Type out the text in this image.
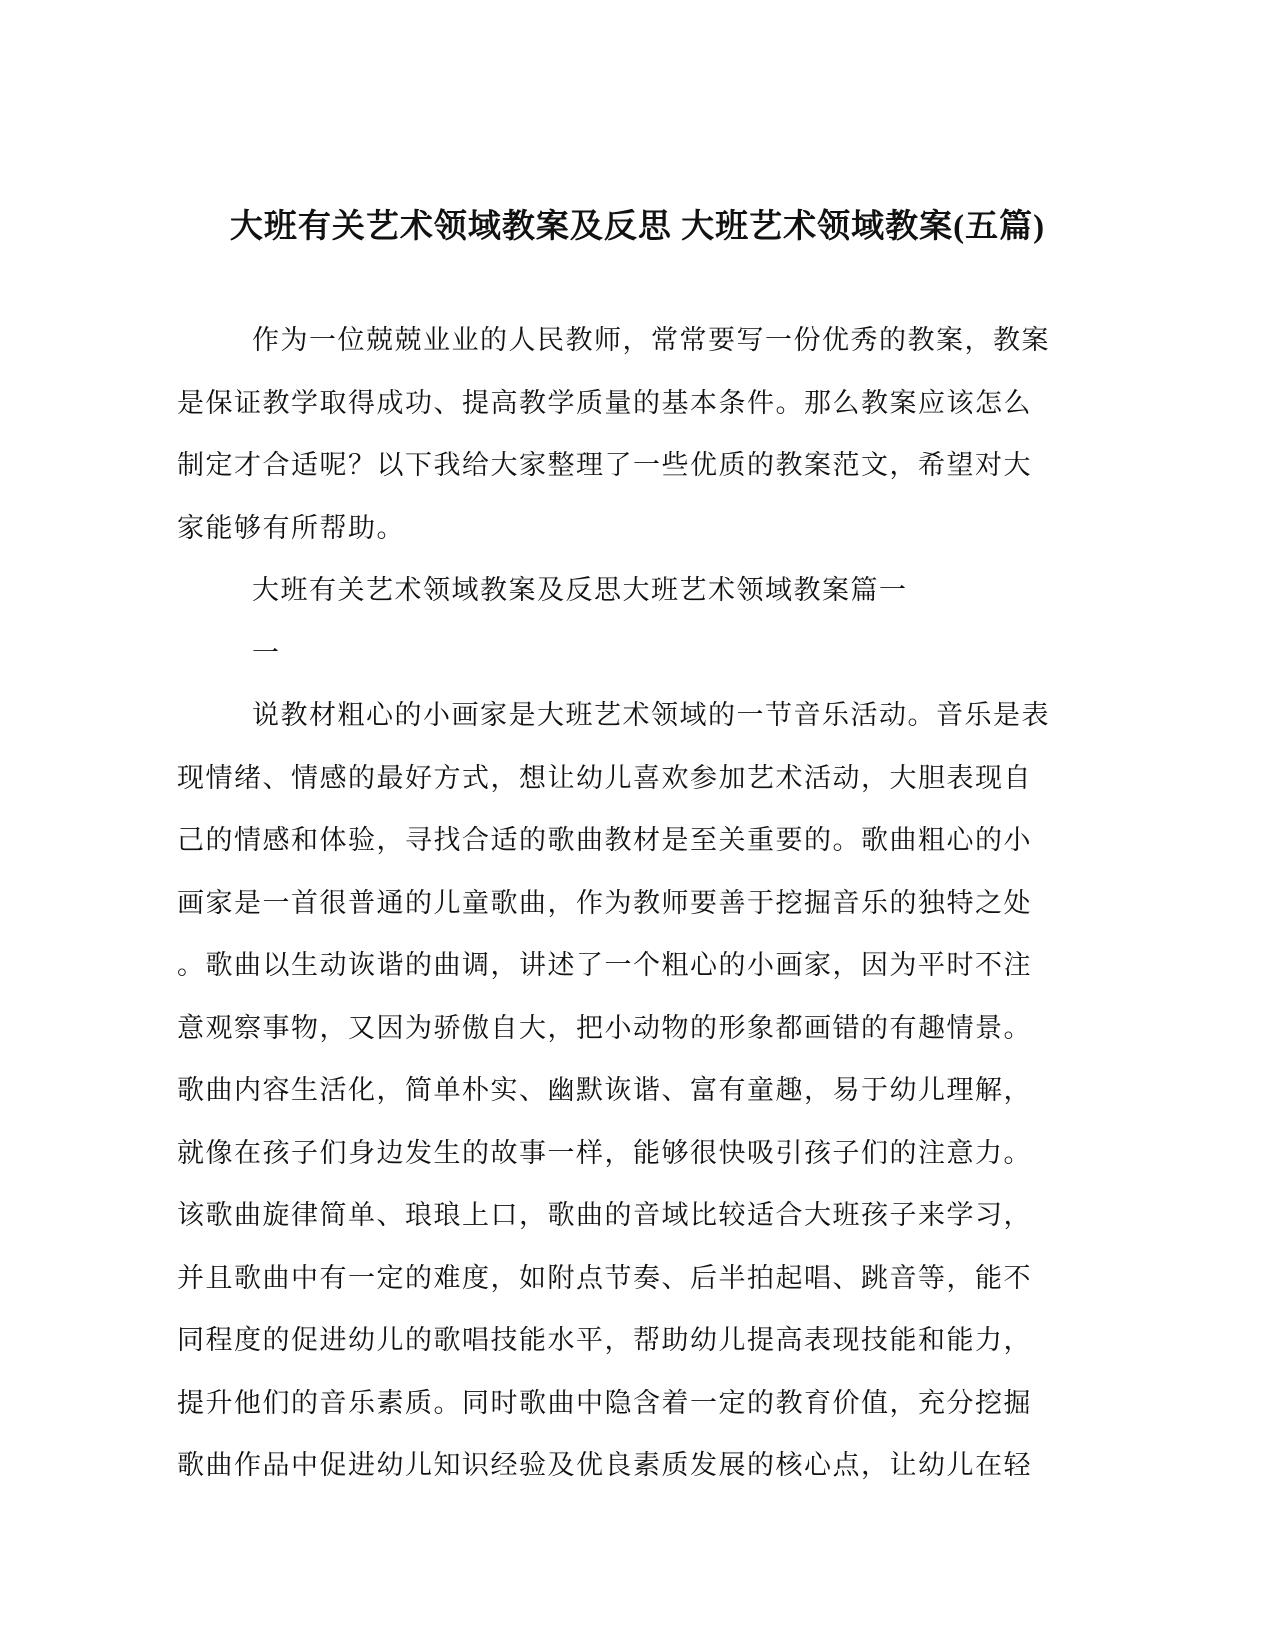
大班有关艺术领域教案及反思 大班艺术领域教案(五篇)
作为一位兢兢业业的人民教师，常常要写一份优秀的教案，教案
是保证教学取得成功、提高教学质量的基本条件。那么教案应该怎么
制定才合适呢？以下我给大家整理了一些优质的教案范文，希望对大
家能够有所帮助。
大班有关艺术领域教案及反思大班艺术领域教案篇一
一
说教材粗心的小画家是大班艺术领域的一节音乐活动。音乐是表
现情绪、情感的最好方式，想让幼儿喜欢参加艺术活动，大胆表现自
己的情感和体验，寻找合适的歌曲教材是至关重要的。歌曲粗心的小
画家是一首很普通的儿童歌曲，作为教师要善于挖掘音乐的独特之处
。歌曲以生动诙谐的曲调，讲述了一个粗心的小画家，因为平时不注
意观察事物，又因为骄傲自大，把小动物的形象都画错的有趣情景。
歌曲内容生活化，简单朴实、幽默诙谐、富有童趣，易于幼儿理解，
就像在孩子们身边发生的故事一样，能够很快吸引孩子们的注意力。
该歌曲旋律简单、琅琅上口，歌曲的音域比较适合大班孩子来学习，
并且歌曲中有一定的难度，如附点节奏、后半拍起唱、跳音等，能不
同程度的促进幼儿的歌唱技能水平，帮助幼儿提高表现技能和能力，
提升他们的音乐素质。同时歌曲中隐含着一定的教育价值，充分挖掘
歌曲作品中促进幼儿知识经验及优良素质发展的核心点，让幼儿在轻
